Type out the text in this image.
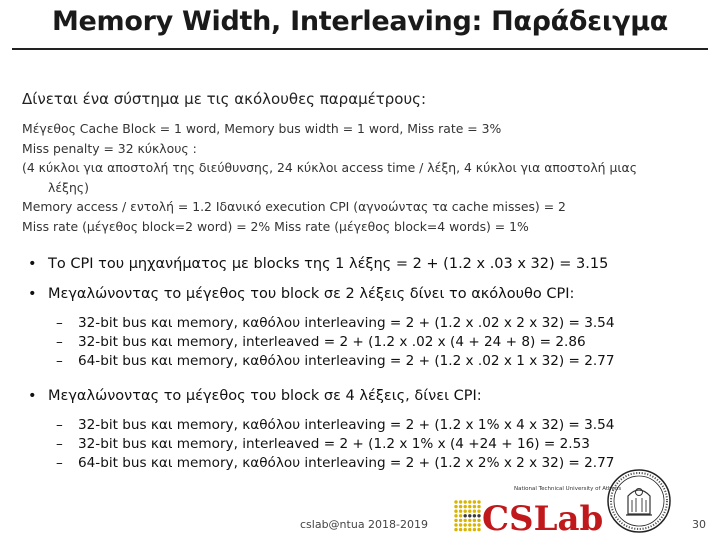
Memory Width, Interleaving: Παράδειγμα
Δίνεται ένα σύστημα με τις ακόλουθες παραμέτρους:
Μέγεθος Cache Block = 1 word, Memory bus width = 1 word, Miss rate = 3%
Miss penalty = 32 κύκλους :
(4 κύκλοι για αποστολή της διεύθυνσης, 24 κύκλοι access time / λέξη, 4 κύκλοι για αποστολή μιας
λέξης)
Memory access / εντολή = 1.2 Ιδανικό execution CPI (αγνοώντας τα cache misses) = 2
Miss rate (μέγεθος block=2 word) = 2% Miss rate (μέγεθος block=4 words) = 1%
• Το CPI του μηχανήματος με blocks της 1 λέξης = 2 + (1.2 x .03 x 32) = 3.15
• Μεγαλώνοντας το μέγεθος του block σε 2 λέξεις δίνει το ακόλουθο CPI:
– 32-bit bus και memory, καθόλου interleaving = 2 + (1.2 x .02 x 2 x 32) = 3.54
– 32-bit bus και memory, interleaved = 2 + (1.2 x .02 x (4 + 24 + 8) = 2.86
– 64-bit bus και memory, καθόλου interleaving = 2 + (1.2 x .02 x 1 x 32) = 2.77
• Μεγαλώνοντας το μέγεθος του block σε 4 λέξεις, δίνει CPI:
– 32-bit bus και memory, καθόλου interleaving = 2 + (1.2 x 1% x 4 x 32) = 3.54
– 32-bit bus και memory, interleaved = 2 + (1.2 x 1% x (4 +24 + 16) = 2.53
– 64-bit bus και memory, καθόλου interleaving = 2 + (1.2 x 2% x 2 x 32) = 2.77
cslab@ntua 2018-2019
National Technical University of Athens
CSLab	30
